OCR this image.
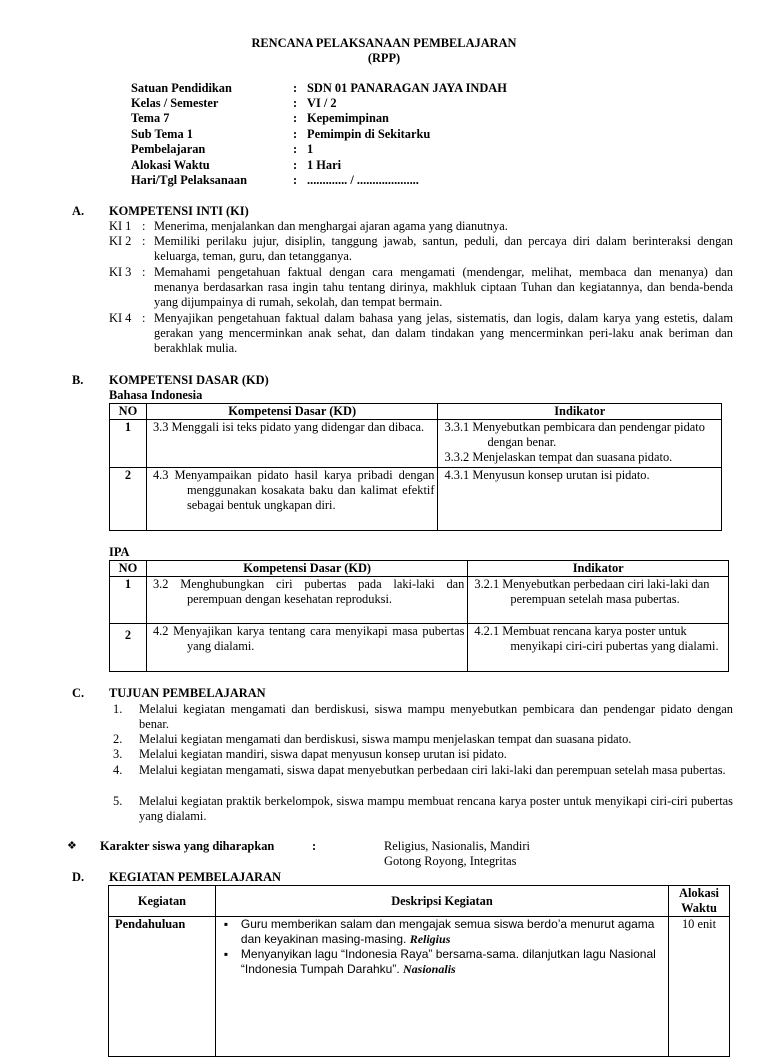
RENCANA PELAKSANAAN PEMBELAJARAN
(RPP)
Satuan Pendidikan	: SDN 01 PANARAGAN JAYA INDAH
Kelas / Semester	: VI / 2
Tema 7	: Kepemimpinan
Sub Tema 1	: Pemimpin di Sekitarku
Pembelajaran	: 1
Alokasi Waktu	: 1 Hari
Hari/Tgl Pelaksanaan	: ............. / ....................
A. KOMPETENSI INTI (KI)
KI 1 : Menerima, menjalankan dan menghargai ajaran agama yang dianutnya.
KI 2 : Memiliki perilaku jujur, disiplin, tanggung jawab, santun, peduli, dan percaya diri dalam berinteraksi dengan keluarga, teman, guru, dan tetangganya.
KI 3 : Memahami pengetahuan faktual dengan cara mengamati (mendengar, melihat, membaca dan menanya) dan menanya berdasarkan rasa ingin tahu tentang dirinya, makhluk ciptaan Tuhan dan kegiatannya, dan benda-benda yang dijumpainya di rumah, sekolah, dan tempat bermain.
KI 4 : Menyajikan pengetahuan faktual dalam bahasa yang jelas, sistematis, dan logis, dalam karya yang estetis, dalam gerakan yang mencerminkan anak sehat, dan dalam tindakan yang mencerminkan peri-laku anak beriman dan berakhlak mulia.
B. KOMPETENSI DASAR (KD)
Bahasa Indonesia
NO	Kompetensi Dasar (KD)	Indikator
1	3.3 Menggali isi teks pidato yang didengar dan dibaca.	3.3.1 Menyebutkan pembicara dan pendengar pidato dengan benar.
3.3.2 Menjelaskan tempat dan suasana pidato.

2	4.3 Menyampaikan pidato hasil karya pribadi dengan menggunakan kosakata baku dan kalimat efektif sebagai bentuk ungkapan diri.	4.3.1 Menyusun konsep urutan isi pidato.
IPA
NO	Kompetensi Dasar (KD)	Indikator
1	3.2 Menghubungkan ciri pubertas pada laki-laki dan perempuan dengan kesehatan reproduksi.	3.2.1 Menyebutkan perbedaan ciri laki-laki dan perempuan setelah masa pubertas.

2	4.2 Menyajikan karya tentang cara menyikapi masa pubertas yang dialami.	4.2.1 Membuat rencana karya poster untuk menyikapi ciri-ciri pubertas yang dialami.
C. TUJUAN PEMBELAJARAN
1. Melalui kegiatan mengamati dan berdiskusi, siswa mampu menyebutkan pembicara dan pendengar pidato dengan benar.
2. Melalui kegiatan mengamati dan berdiskusi, siswa mampu menjelaskan tempat dan suasana pidato.
3. Melalui kegiatan mandiri, siswa dapat menyusun konsep urutan isi pidato.
4. Melalui kegiatan mengamati, siswa dapat menyebutkan perbedaan ciri laki-laki dan perempuan setelah masa pubertas.
5. Melalui kegiatan praktik berkelompok, siswa mampu membuat rencana karya poster untuk menyikapi ciri-ciri pubertas yang dialami.
❖ Karakter siswa yang diharapkan	:	Religius, Nasionalis, Mandiri
Gotong Royong, Integritas
D. KEGIATAN PEMBELAJARAN
Kegiatan	Deskripsi Kegiatan	Alokasi Waktu
Pendahuluan	▪ Guru memberikan salam dan mengajak semua siswa berdo’a menurut agama dan keyakinan masing-masing. Religius
▪ Menyanyikan lagu “Indonesia Raya” bersama-sama. dilanjutkan lagu Nasional “Indonesia Tumpah Darahku”. Nasionalis	10 enit
